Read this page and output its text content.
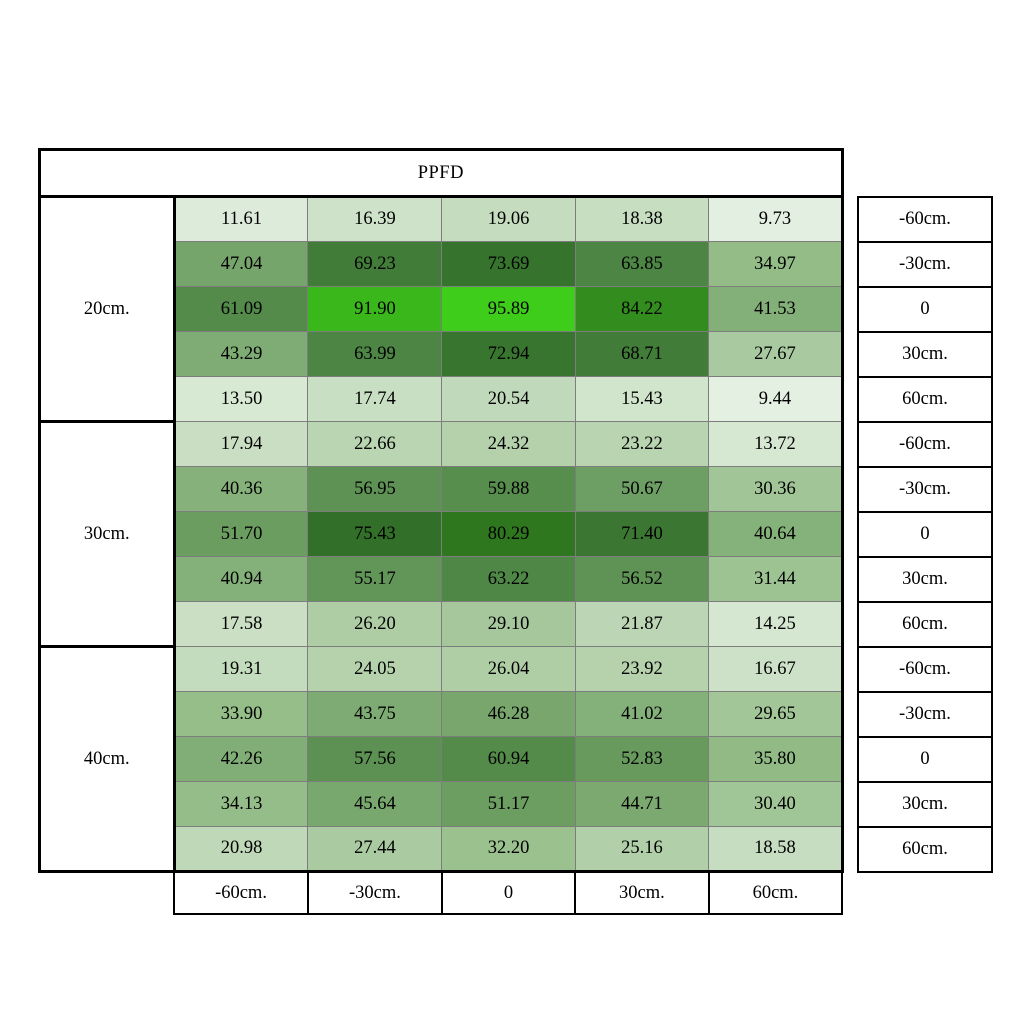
PPFD							
20cm.	11.61	16.39	19.06	18.38	9.73		-60cm.
	47.04	69.23	73.69	63.85	34.97		-30cm.
	61.09	91.90	95.89	84.22	41.53		0
	43.29	63.99	72.94	68.71	27.67		30cm.
	13.50	17.74	20.54	15.43	9.44		60cm.
30cm.	17.94	22.66	24.32	23.22	13.72		-60cm.
	40.36	56.95	59.88	50.67	30.36		-30cm.
	51.70	75.43	80.29	71.40	40.64		0
	40.94	55.17	63.22	56.52	31.44		30cm.
	17.58	26.20	29.10	21.87	14.25		60cm.
40cm.	19.31	24.05	26.04	23.92	16.67		-60cm.
	33.90	43.75	46.28	41.02	29.65		-30cm.
	42.26	57.56	60.94	52.83	35.80		0
	34.13	45.64	51.17	44.71	30.40		30cm.
	20.98	27.44	32.20	25.16	18.58		60cm.
	-60cm.	-30cm.	0	30cm.	60cm.		
